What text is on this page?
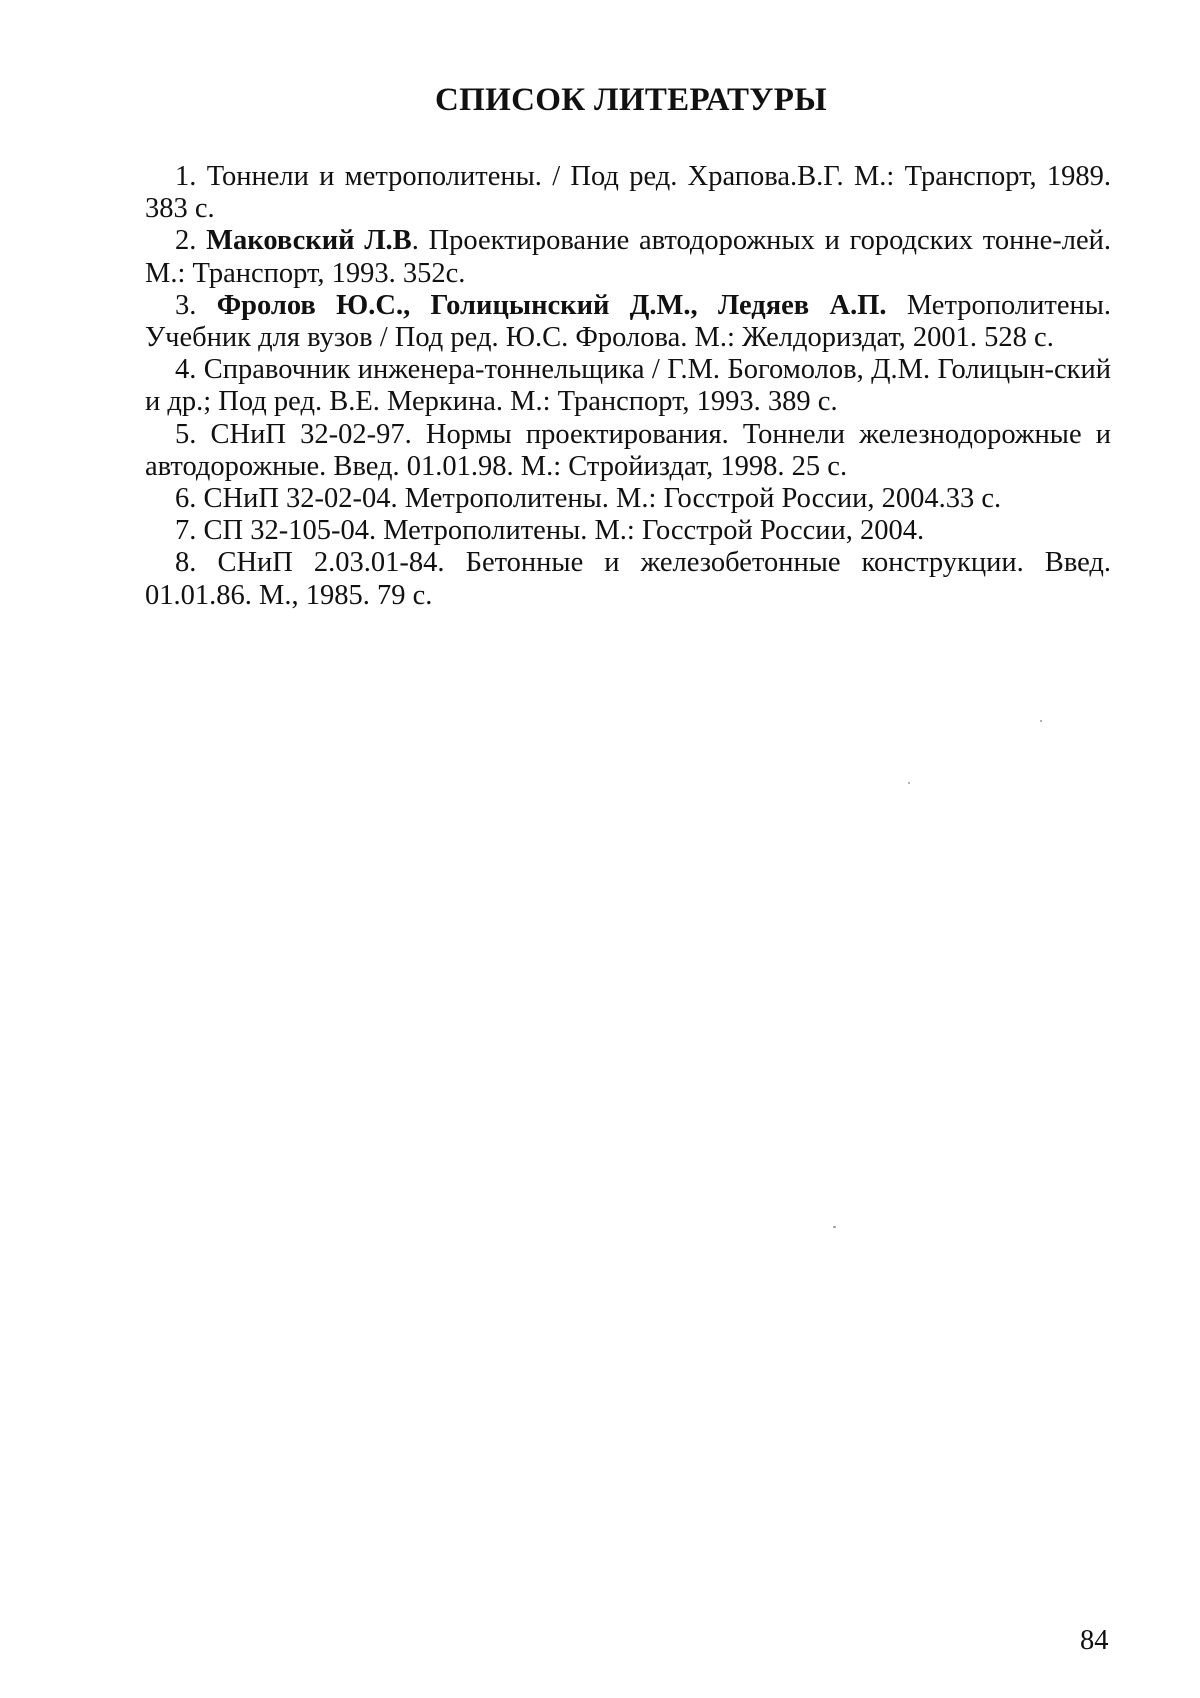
СПИСОК ЛИТЕРАТУРЫ

1. Тоннели и метрополитены. / Под ред. Храпова.В.Г. М.: Транспорт, 1989. 383 с.

2. Маковский Л.В. Проектирование автодорожных и городских тонне-лей. М.: Транспорт, 1993. 352с.

3. Фролов Ю.С., Голицынский Д.М., Ледяев А.П. Метрополитены. Учебник для вузов / Под ред. Ю.С. Фролова. М.: Желдориздат, 2001. 528 с.

4. Справочник инженера-тоннельщика / Г.М. Богомолов, Д.М. Голицын-ский и др.; Под ред. В.Е. Меркина. М.: Транспорт, 1993. 389 с.

5. СНиП 32-02-97. Нормы проектирования. Тоннели железнодорожные и автодорожные. Введ. 01.01.98. М.: Стройиздат, 1998. 25 с.

6. СНиП 32-02-04. Метрополитены. М.: Госстрой России, 2004.33 с.

7. СП 32-105-04. Метрополитены. М.: Госстрой России, 2004.

8. СНиП 2.03.01-84. Бетонные и железобетонные конструкции. Введ. 01.01.86. М., 1985. 79 с.

84
